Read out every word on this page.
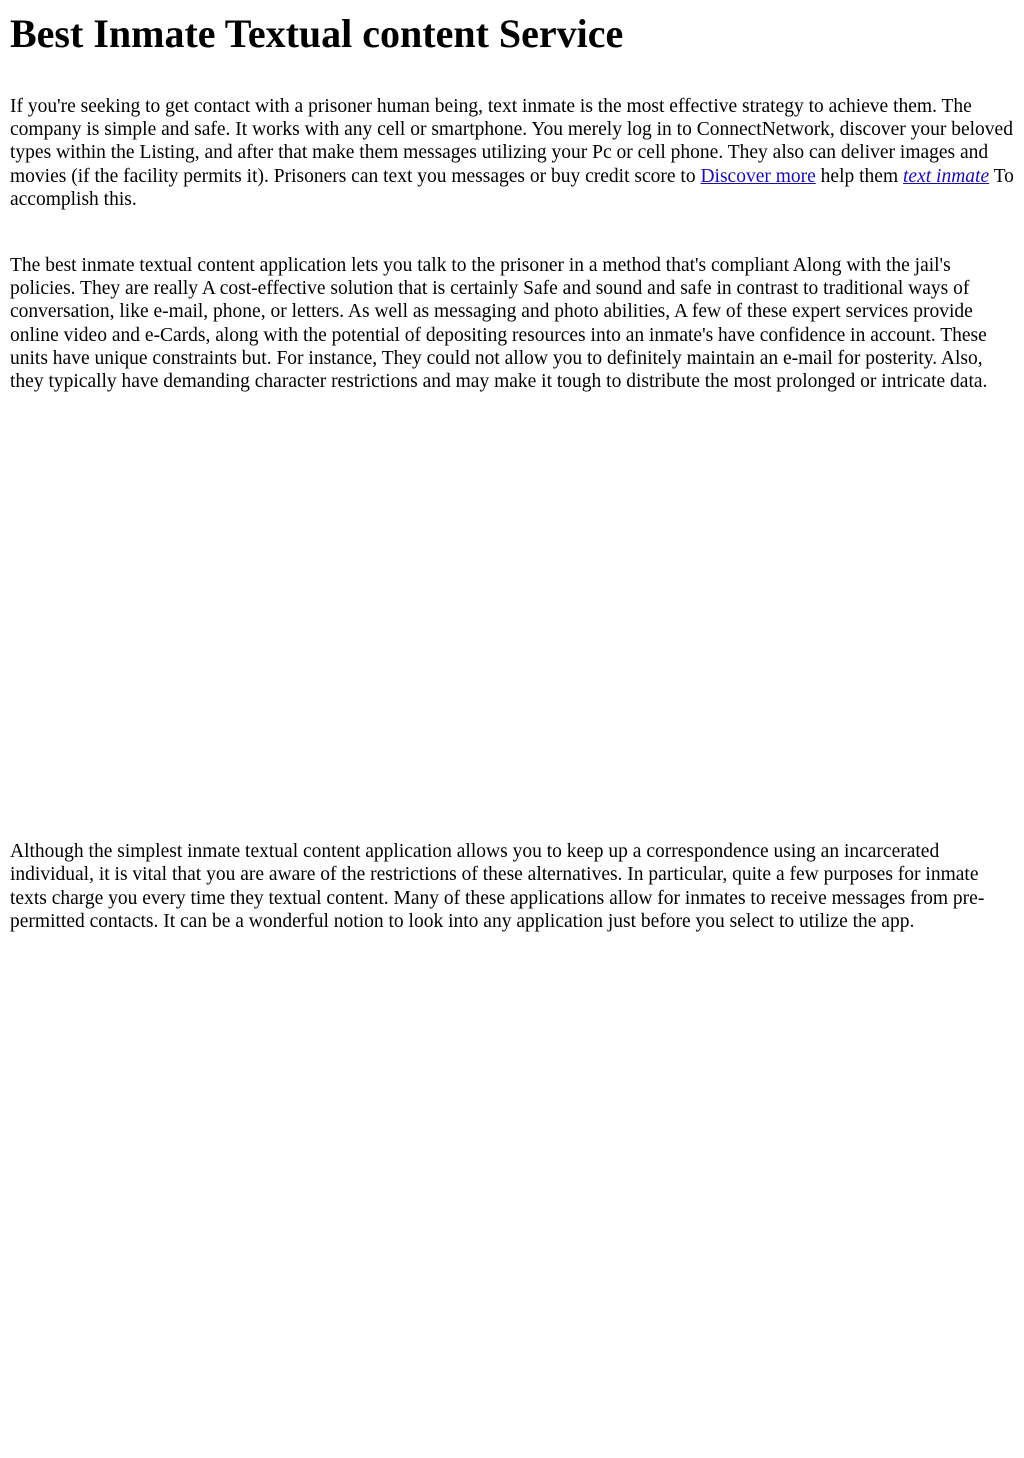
Best Inmate Textual content Service

If you're seeking to get contact with a prisoner human being, text inmate is the most effective strategy to achieve them. The company is simple and safe. It works with any cell or smartphone. You merely log in to ConnectNetwork, discover your beloved types within the Listing, and after that make them messages utilizing your Pc or cell phone. They also can deliver images and movies (if the facility permits it). Prisoners can text you messages or buy credit score to Discover more help them text inmate To accomplish this.

The best inmate textual content application lets you talk to the prisoner in a method that's compliant Along with the jail's policies. They are really A cost-effective solution that is certainly Safe and sound and safe in contrast to traditional ways of conversation, like e-mail, phone, or letters. As well as messaging and photo abilities, A few of these expert services provide online video and e-Cards, along with the potential of depositing resources into an inmate's have confidence in account. These units have unique constraints but. For instance, They could not allow you to definitely maintain an e-mail for posterity. Also, they typically have demanding character restrictions and may make it tough to distribute the most prolonged or intricate data.

Although the simplest inmate textual content application allows you to keep up a correspondence using an incarcerated individual, it is vital that you are aware of the restrictions of these alternatives. In particular, quite a few purposes for inmate texts charge you every time they textual content. Many of these applications allow for inmates to receive messages from pre-permitted contacts. It can be a wonderful notion to look into any application just before you select to utilize the app.
